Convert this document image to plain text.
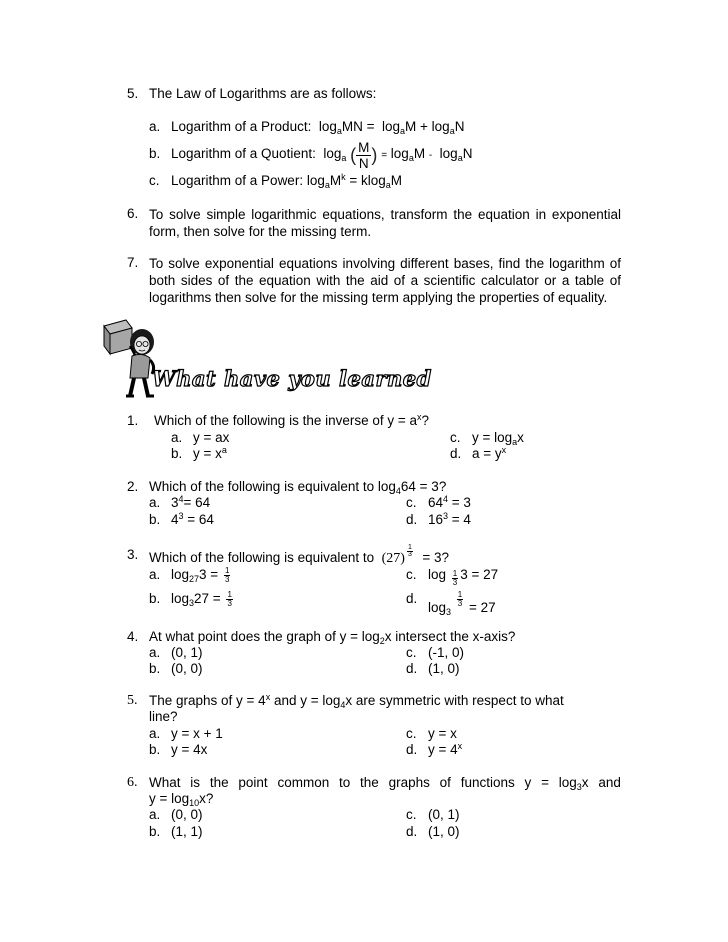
5. The Law of Logarithms are as follows:
a. Logarithm of a Product:  $\log_aMN = \log_aM + \log_aN$
b. Logarithm of a Quotient:  $\log_a$ ( $\frac{M}{N}$ ) $_=$ $\log_aM - \log_aN$
c. Logarithm of a Power: $\log_aM^k = klog_aM$
6. To solve simple logarithmic equations, transform the equation in exponential form, then solve for the missing term.
7. To solve exponential equations involving different bases, find the logarithm of both sides of the equation with the aid of a scientific calculator or a table of logarithms then solve for the missing term applying the properties of equality.
What have you learned
1. Which of the following is the inverse of $y = a^x$?
a. y = ax	c. $y = \log_ax$
b. $y = x^a$	d. $a = y^x$
2. Which of the following is equivalent to $\log_464 = 3$?
a. $3^4= 64$	c. $64^4 = 3$
b. $4^3 = 64$	d. $16^3 = 4$
3. Which of the following is equivalent to $(27) \frac{1}{3} = 3$?
a. $\log_{27}3 = \frac{1}{3}$	c. $\log \frac{1}{3} 3 = 27$
b. $\log_327 = \frac{1}{3}$	d.
$\log_3$
$\frac{1}{3} = 27$
4. At what point does the graph of $y = \log_2x$ intersect the x-axis?
a. (0, 1)	c. (-1, 0)
b. (0, 0)	d. (1, 0)
5. The graphs of $y = 4^x$ and $y = \log_4x$ are symmetric with respect to what
line?
a. y = x + 1	c. y = x
b. y = 4x	d. $y = 4^x$
6. What is the point common to the graphs of functions $y = \log_3x$ and
$y = \log_{10}x$?
a. (0, 0)	c. (0, 1)
b. (1, 1)	d. (1, 0)
